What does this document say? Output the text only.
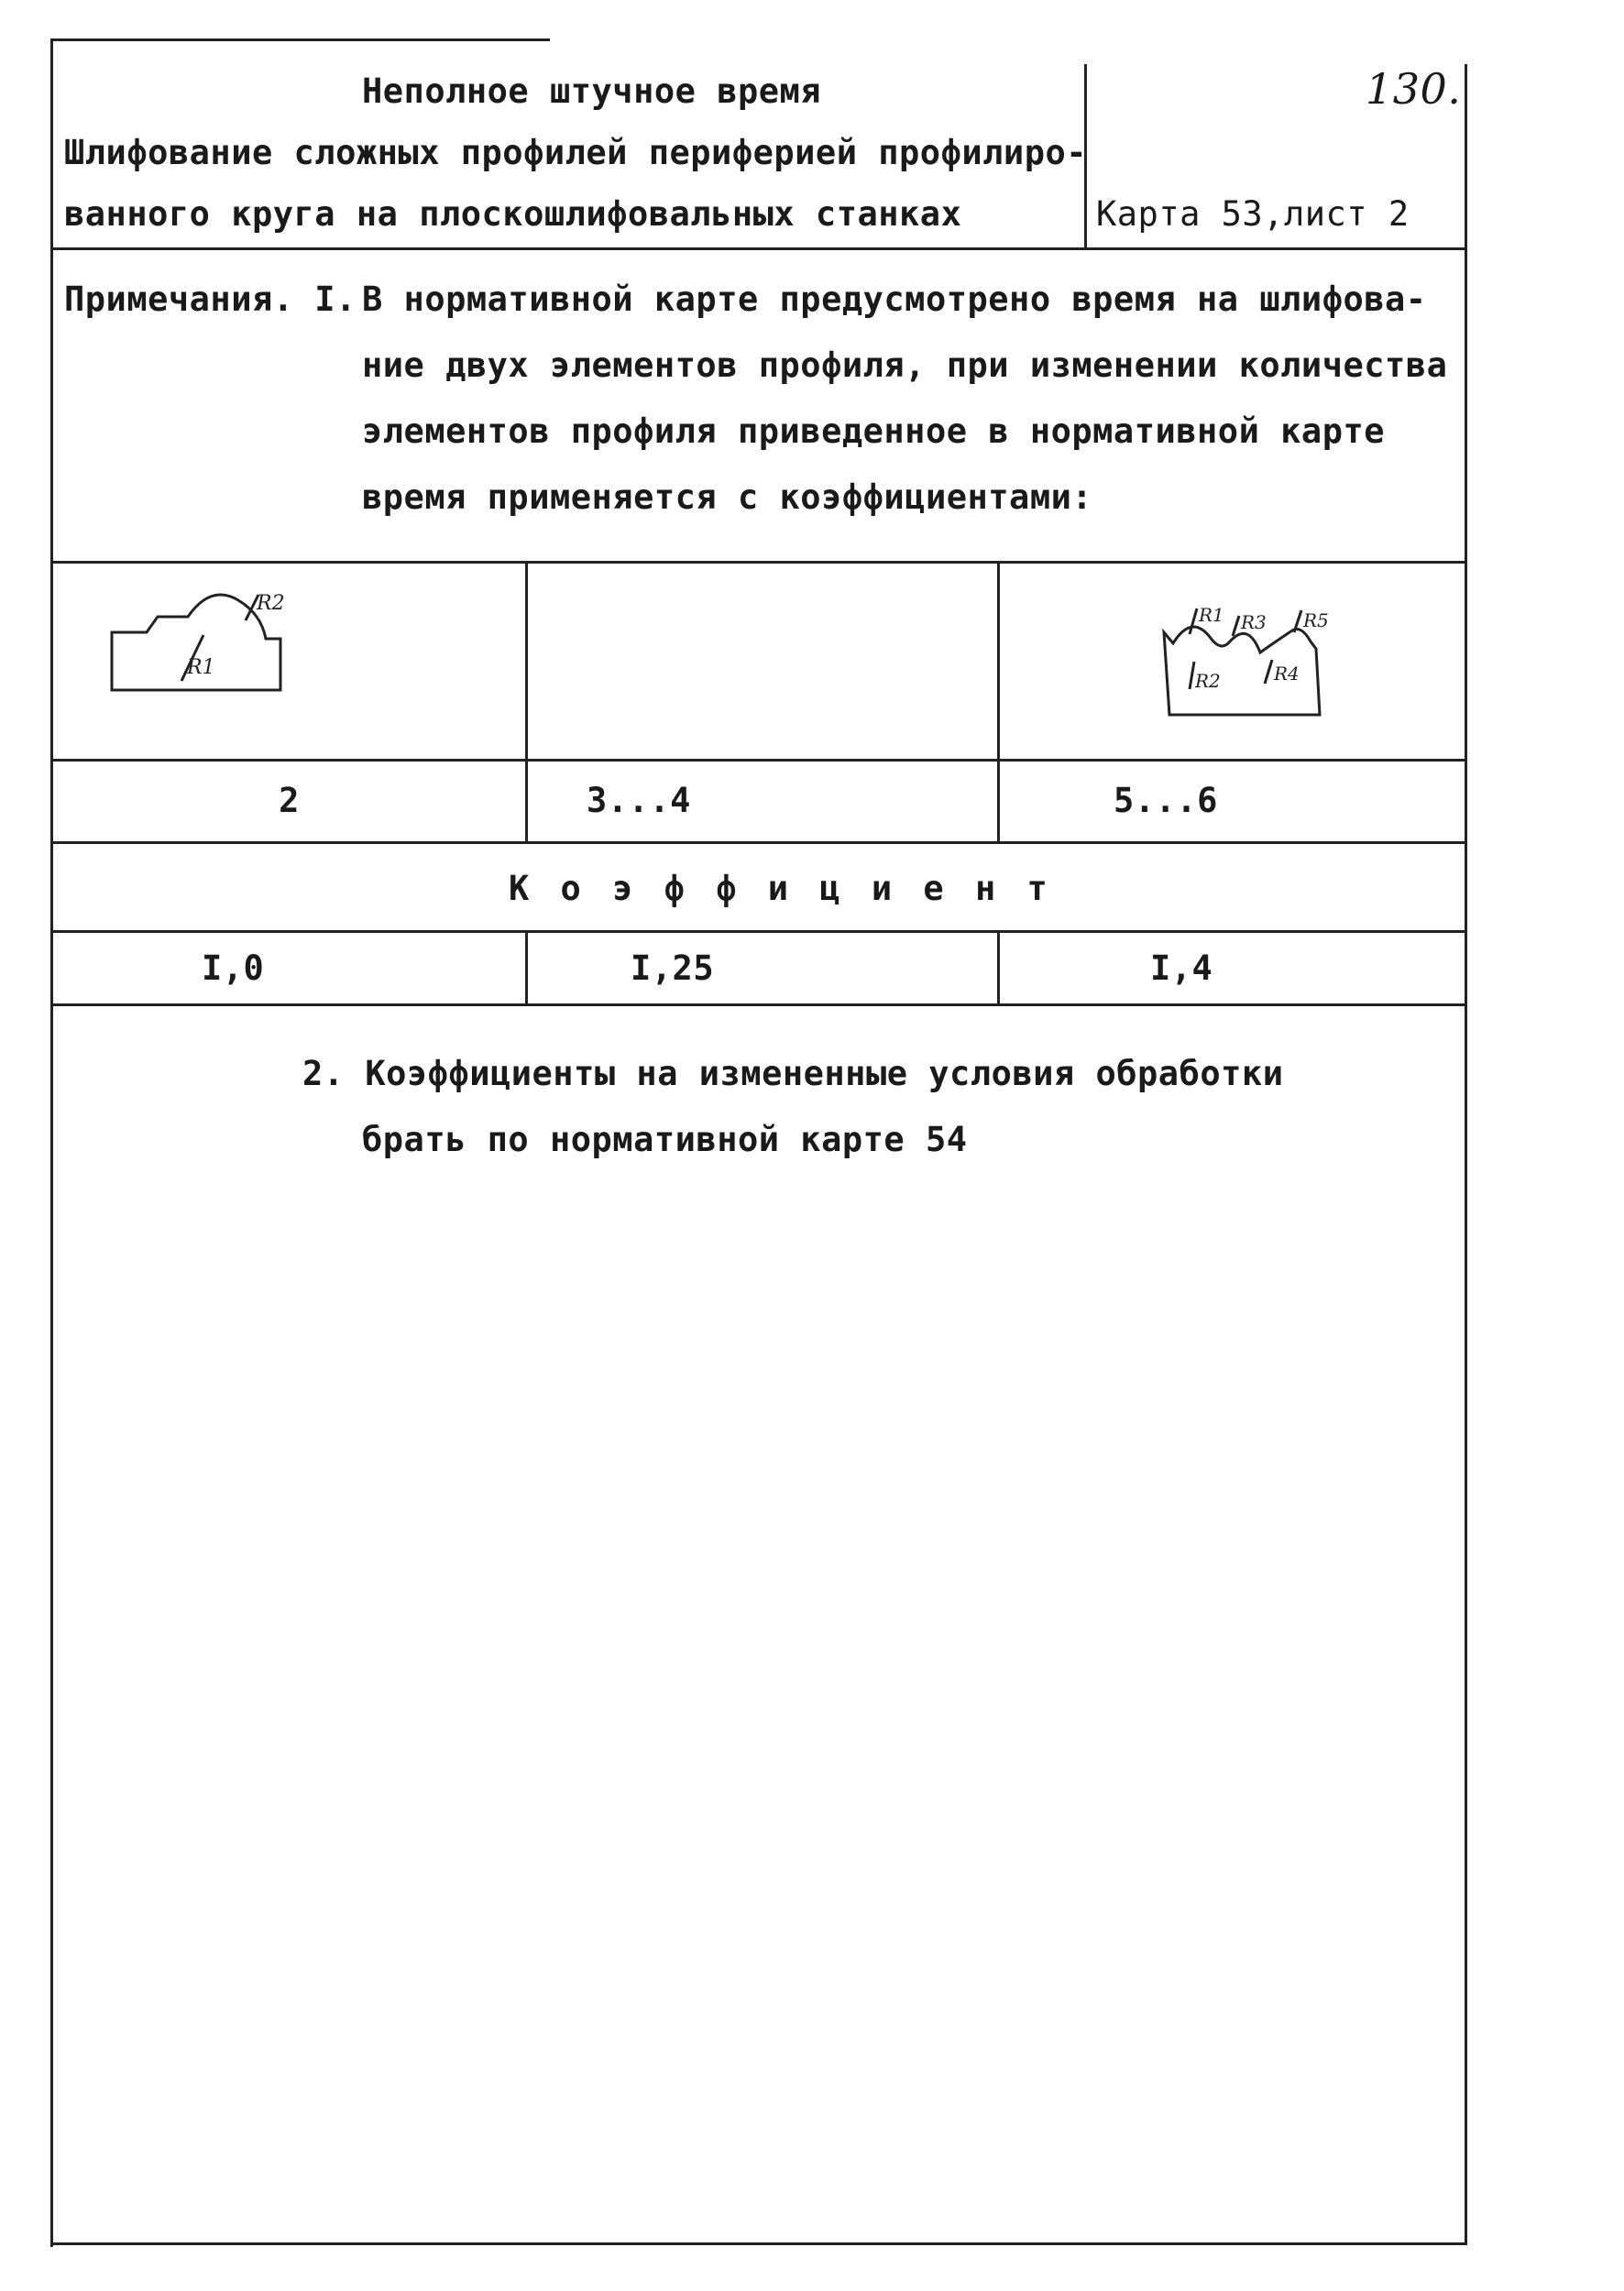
Неполное штучное время
Шлифование сложных профилей периферией профилиро-
ванного круга на плоскошлифовальных станках
130.
Карта 53,лист 2
Примечания. I. В нормативной карте предусмотрено время на шлифова-
ние двух элементов профиля, при изменении количества
элементов профиля приведенное в нормативной карте
время применяется с коэффициентами:
R1
R2	R1 R3 R5
R2	R4
2	3...4	5...6
К о э ф ф и ц и е н т
I,0	I,25	I,4
2. Коэффициенты на измененные условия обработки
брать по нормативной карте 54
